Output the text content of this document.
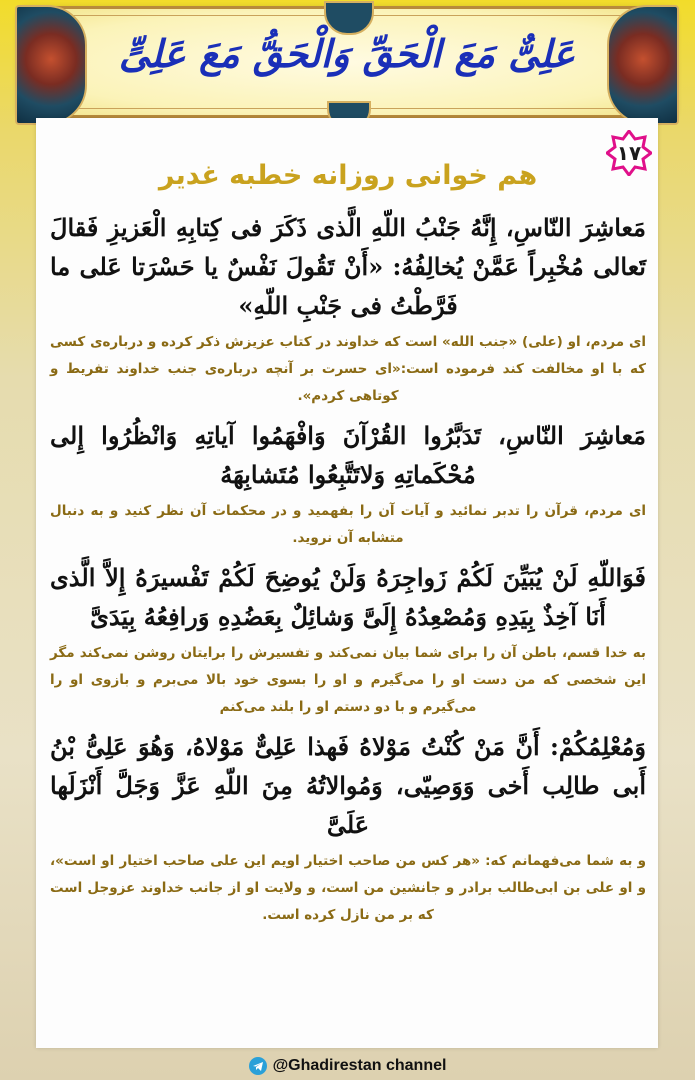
عَلِیٌّ مَعَ الْحَقِّ وَالْحَقُّ مَعَ عَلِیٍّ
۱۷
هم خوانی روزانه خطبه غدیر

مَعاشِرَ النّاسِ، إِنَّهُ جَنْبُ اللّهِ الَّذی ذَکَرَ فی کِتابِهِ الْعَزیزِ فَقالَ تَعالی مُخْبِراً عَمَّنْ یُخالِفُهُ: «أَنْ تَقُولَ نَفْسٌ یا حَسْرَتا عَلی ما فَرَّطْتُ فی جَنْبِ اللّهِ»

ای مردم، او (علی) «جنب الله» است که خداوند در کتاب عزیزش ذکر کرده و درباره‌ی کسی که با او مخالفت کند فرموده است:«ای حسرت بر آنچه درباره‌ی جنب خداوند تفریط و کوتاهی کردم».

مَعاشِرَ النّاسِ، تَدَبَّرُوا القُرْآنَ وَافْهَمُوا آیاتِهِ وَانْظُرُوا إِلی مُحْکَماتِهِ وَلاتَتَّبِعُوا مُتَشابِهَهُ

ای مردم، قرآن را تدبر نمائید و آیات آن را بفهمید و در محکمات آن نظر کنید و به دنبال متشابه آن نروید.

فَوَاللّهِ لَنْ یُبَیِّنَ لَکُمْ زَواجِرَهُ وَلَنْ یُوضِحَ لَکُمْ تَفْسیرَهُ إِلاَّ الَّذی أَنَا آخِذٌ بِیَدِهِ وَمُصْعِدُهُ إِلَیَّ وَشائِلٌ بِعَضُدِهِ وَرافِعُهُ بِیَدَیَّ

به خدا قسم، باطن آن را برای شما بیان نمی‌کند و تفسیرش را برایتان روشن نمی‌کند مگر این شخصی که من دست او را می‌گیرم و او را بسوی خود بالا می‌برم و بازوی او را می‌گیرم و با دو دستم او را بلند می‌کنم

وَمُعْلِمُکُمْ: أَنَّ مَنْ کُنْتُ مَوْلاهُ فَهذا عَلِیٌّ مَوْلاهُ، وَهُوَ عَلِیُّ بْنُ أَبی طالِب أَخی وَوَصِیّی، وَمُوالاتُهُ مِنَ اللّهِ عَزَّ وَجَلَّ أَنْزَلَها عَلَیَّ

و به شما می‌فهمانم که: «هر کس من صاحب اختیار اویم این علی صاحب اختیار او است»، و او علی بن ابی‌طالب برادر و جانشین من است، و ولایت او از جانب خداوند عزوجل است که بر من نازل کرده است.

@Ghadirestan channel
